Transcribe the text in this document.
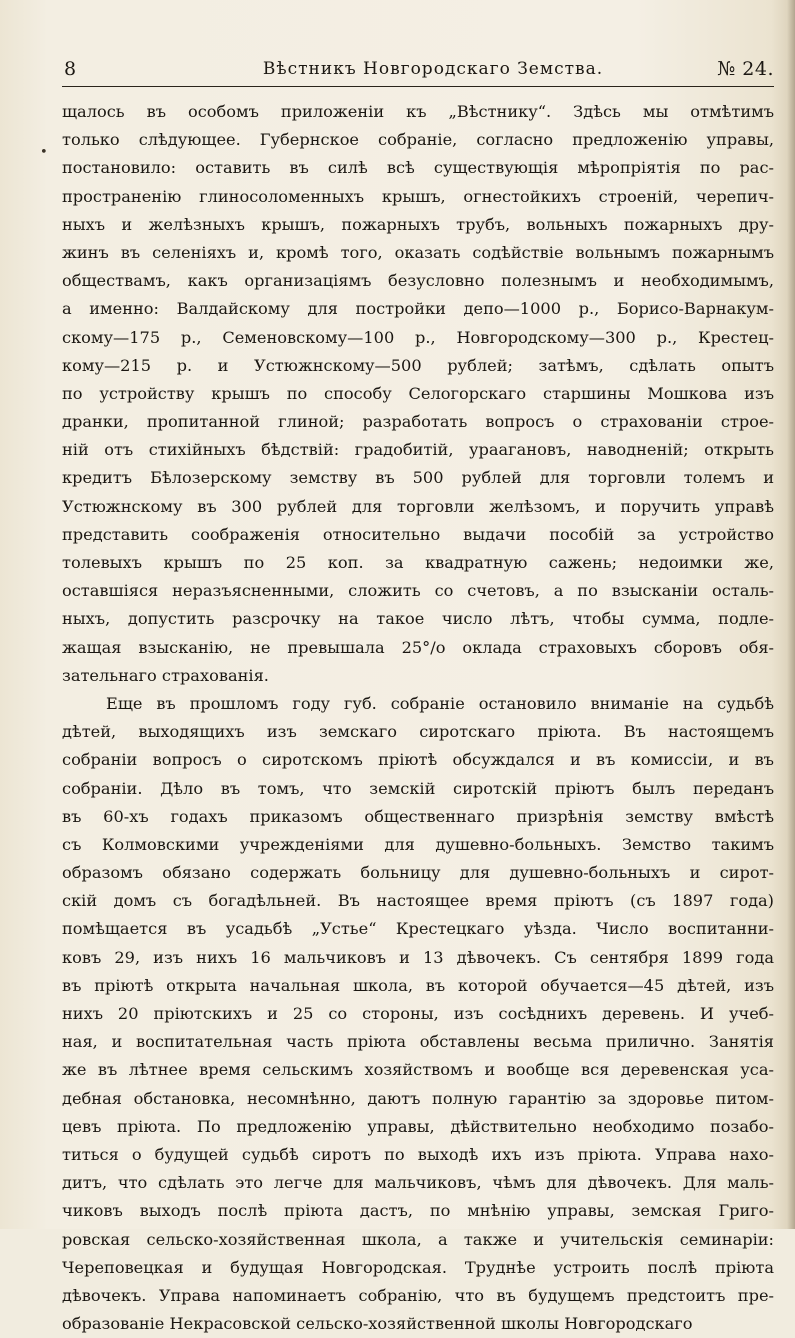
8	Вѣстникъ Новгородскаго Земства.	№ 24.
•
щалось въ особомъ приложеніи къ „Вѣстнику“. Здѣсь мы отмѣтимъ
только слѣдующее. Губернское собраніе, согласно предложенію управы,
постановило: оставить въ силѣ всѣ существующія мѣропріятія по рас-
пространенію глиносоломенныхъ крышъ, огнестойкихъ строеній, черепич-
ныхъ и желѣзныхъ крышъ, пожарныхъ трубъ, вольныхъ пожарныхъ дру-
жинъ въ селеніяхъ и, кромѣ того, оказать содѣйствіе вольнымъ пожарнымъ
обществамъ, какъ организаціямъ безусловно полезнымъ и необходимымъ,
а именно: Валдайскому для постройки депо—1000 р., Борисо-Варнакум-
скому—175 р., Семеновскому—100 р., Новгородскому—300 р., Крестец-
кому—215 р. и Устюжнскому—500 рублей; затѣмъ, сдѣлать опытъ
по устройству крышъ по способу Селогорскаго старшины Мошкова изъ
дранки, пропитанной глиной; разработать вопросъ о страхованіи строе-
ній отъ стихійныхъ бѣдствій: градобитій, ураагановъ, наводненій; открыть
кредитъ Бѣлозерскому земству въ 500 рублей для торговли толемъ и
Устюжнскому въ 300 рублей для торговли желѣзомъ, и поручить управѣ
представить соображенія относительно выдачи пособій за устройство
толевыхъ крышъ по 25 коп. за квадратную сажень; недоимки же,
оставшіяся неразъясненными, сложить со счетовъ, а по взысканіи осталь-
ныхъ, допустить разсрочку на такое число лѣтъ, чтобы сумма, подле-
жащая взысканію, не превышала 25°/о оклада страховыхъ сборовъ обя-
зательнаго страхованія.
Еще въ прошломъ году губ. собраніе остановило вниманіе на судьбѣ
дѣтей, выходящихъ изъ земскаго сиротскаго пріюта. Въ настоящемъ
собраніи вопросъ о сиротскомъ пріютѣ обсуждался и въ комиссіи, и въ
собраніи. Дѣло въ томъ, что земскій сиротскій пріютъ былъ переданъ
въ 60-хъ годахъ приказомъ общественнаго призрѣнія земству вмѣстѣ
съ Колмовскими учрежденіями для душевно-больныхъ. Земство такимъ
образомъ обязано содержать больницу для душевно-больныхъ и сирот-
скій домъ съ богадѣльней. Въ настоящее время пріютъ (съ 1897 года)
помѣщается въ усадьбѣ „Устье“ Крестецкаго уѣзда. Число воспитанни-
ковъ 29, изъ нихъ 16 мальчиковъ и 13 дѣвочекъ. Съ сентября 1899 года
въ пріютѣ открыта начальная школа, въ которой обучается—45 дѣтей, изъ
нихъ 20 пріютскихъ и 25 со стороны, изъ сосѣднихъ деревень. И учеб-
ная, и воспитательная часть пріюта обставлены весьма прилично. Занятія
же въ лѣтнее время сельскимъ хозяйствомъ и вообще вся деревенская уса-
дебная обстановка, несомнѣнно, даютъ полную гарантію за здоровье питом-
цевъ пріюта. По предложенію управы, дѣйствительно необходимо позабо-
титься о будущей судьбѣ сиротъ по выходѣ ихъ изъ пріюта. Управа нахо-
дитъ, что сдѣлать это легче для мальчиковъ, чѣмъ для дѣвочекъ. Для маль-
чиковъ выходъ послѣ пріюта дастъ, по мнѣнію управы, земская Григо-
ровская сельско-хозяйственная школа, а также и учительскія семинаріи:
Череповецкая и будущая Новгородская. Труднѣе устроить послѣ пріюта
дѣвочекъ. Управа напоминаетъ собранію, что въ будущемъ предстоитъ пре-
образованіе Некрасовской сельско-хозяйственной школы Новгородскаго
